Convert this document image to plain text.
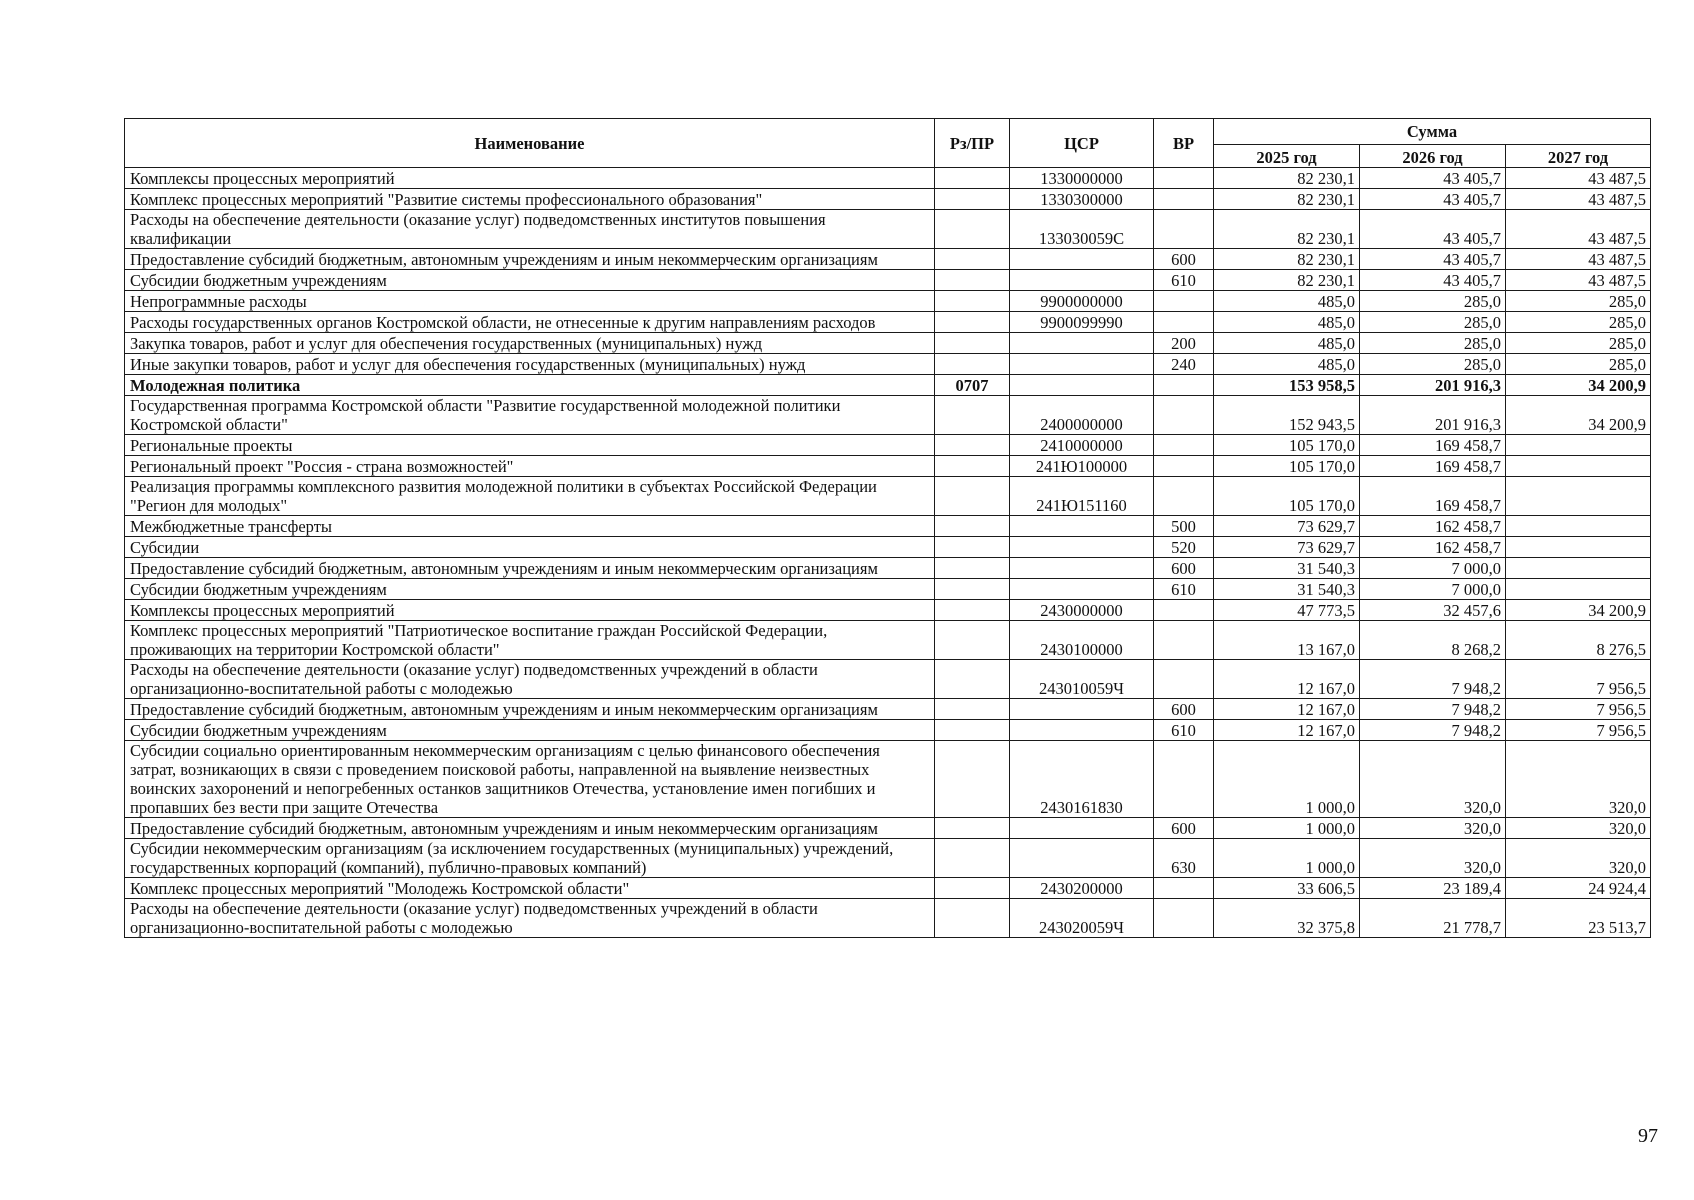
Наименование	Рз/ПР	ЦСР	ВР	Сумма		
				2025 год	2026 год	2027 год
Комплексы процессных мероприятий		1330000000		82 230,1	43 405,7	43 487,5
Комплекс процессных мероприятий "Развитие системы профессионального образования"		1330300000		82 230,1	43 405,7	43 487,5
Расходы на обеспечение деятельности (оказание услуг) подведомственных институтов повышения квалификации		133030059С		82 230,1	43 405,7	43 487,5
Предоставление субсидий бюджетным, автономным учреждениям и иным некоммерческим организациям			600	82 230,1	43 405,7	43 487,5
Субсидии бюджетным учреждениям			610	82 230,1	43 405,7	43 487,5
Непрограммные расходы		9900000000		485,0	285,0	285,0
Расходы государственных органов Костромской области, не отнесенные к другим направлениям расходов		9900099990		485,0	285,0	285,0
Закупка товаров, работ и услуг для обеспечения государственных (муниципальных) нужд			200	485,0	285,0	285,0
Иные закупки товаров, работ и услуг для обеспечения государственных (муниципальных) нужд			240	485,0	285,0	285,0
Молодежная политика	0707			153 958,5	201 916,3	34 200,9
Государственная программа Костромской области "Развитие государственной молодежной политики Костромской области"		2400000000		152 943,5	201 916,3	34 200,9
Региональные проекты		2410000000		105 170,0	169 458,7	
Региональный проект "Россия - страна возможностей"		241Ю100000		105 170,0	169 458,7	
Реализация программы комплексного развития молодежной политики в субъектах Российской Федерации "Регион для молодых"		241Ю151160		105 170,0	169 458,7	
Межбюджетные трансферты			500	73 629,7	162 458,7	
Субсидии			520	73 629,7	162 458,7	
Предоставление субсидий бюджетным, автономным учреждениям и иным некоммерческим организациям			600	31 540,3	7 000,0	
Субсидии бюджетным учреждениям			610	31 540,3	7 000,0	
Комплексы процессных мероприятий		2430000000		47 773,5	32 457,6	34 200,9
Комплекс процессных мероприятий "Патриотическое воспитание граждан Российской Федерации, проживающих на территории Костромской области"		2430100000		13 167,0	8 268,2	8 276,5
Расходы на обеспечение деятельности (оказание услуг) подведомственных учреждений в области организационно-воспитательной работы с молодежью		243010059Ч		12 167,0	7 948,2	7 956,5
Предоставление субсидий бюджетным, автономным учреждениям и иным некоммерческим организациям			600	12 167,0	7 948,2	7 956,5
Субсидии бюджетным учреждениям			610	12 167,0	7 948,2	7 956,5
Субсидии социально ориентированным некоммерческим организациям с целью финансового обеспечения затрат, возникающих в связи с проведением поисковой работы, направленной на выявление неизвестных воинских захоронений и непогребенных останков защитников Отечества, установление имен погибших и пропавших без вести при защите Отечества		2430161830		1 000,0	320,0	320,0
Предоставление субсидий бюджетным, автономным учреждениям и иным некоммерческим организациям			600	1 000,0	320,0	320,0
Субсидии некоммерческим организациям (за исключением государственных (муниципальных) учреждений, государственных корпораций (компаний), публично-правовых компаний)			630	1 000,0	320,0	320,0
Комплекс процессных мероприятий "Молодежь Костромской области"		2430200000		33 606,5	23 189,4	24 924,4
Расходы на обеспечение деятельности (оказание услуг) подведомственных учреждений в области организационно-воспитательной работы с молодежью		243020059Ч		32 375,8	21 778,7	23 513,7
97
